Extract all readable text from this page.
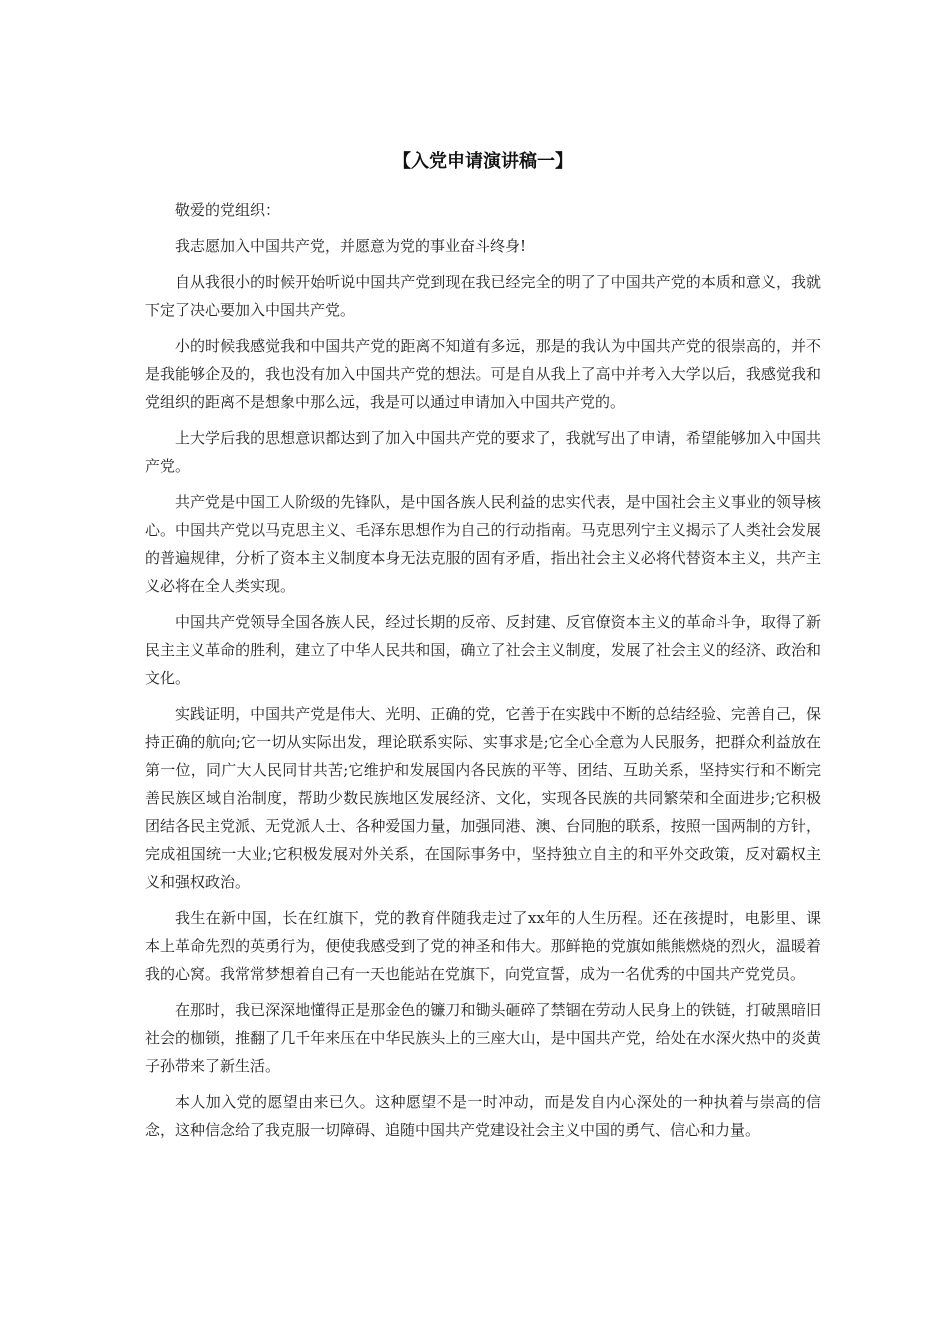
【入党申请演讲稿一】

敬爱的党组织：

我志愿加入中国共产党，并愿意为党的事业奋斗终身!

自从我很小的时候开始听说中国共产党到现在我已经完全的明了了中国共产党的本质和意义，我就下定了决心要加入中国共产党。

小的时候我感觉我和中国共产党的距离不知道有多远，那是的我认为中国共产党的很崇高的，并不是我能够企及的，我也没有加入中国共产党的想法。可是自从我上了高中并考入大学以后，我感觉我和党组织的距离不是想象中那么远，我是可以通过申请加入中国共产党的。

上大学后我的思想意识都达到了加入中国共产党的要求了，我就写出了申请，希望能够加入中国共产党。

共产党是中国工人阶级的先锋队，是中国各族人民利益的忠实代表，是中国社会主义事业的领导核心。中国共产党以马克思主义、毛泽东思想作为自己的行动指南。马克思列宁主义揭示了人类社会发展的普遍规律，分析了资本主义制度本身无法克服的固有矛盾，指出社会主义必将代替资本主义，共产主义必将在全人类实现。

中国共产党领导全国各族人民，经过长期的反帝、反封建、反官僚资本主义的革命斗争，取得了新民主主义革命的胜利，建立了中华人民共和国，确立了社会主义制度，发展了社会主义的经济、政治和文化。

实践证明，中国共产党是伟大、光明、正确的党，它善于在实践中不断的总结经验、完善自己，保持正确的航向;它一切从实际出发，理论联系实际、实事求是;它全心全意为人民服务，把群众利益放在第一位，同广大人民同甘共苦;它维护和发展国内各民族的平等、团结、互助关系，坚持实行和不断完善民族区域自治制度，帮助少数民族地区发展经济、文化，实现各民族的共同繁荣和全面进步;它积极团结各民主党派、无党派人士、各种爱国力量，加强同港、澳、台同胞的联系，按照一国两制的方针，完成祖国统一大业;它积极发展对外关系，在国际事务中，坚持独立自主的和平外交政策，反对霸权主义和强权政治。

我生在新中国，长在红旗下，党的教育伴随我走过了xx年的人生历程。还在孩提时，电影里、课本上革命先烈的英勇行为，便使我感受到了党的神圣和伟大。那鲜艳的党旗如熊熊燃烧的烈火，温暖着我的心窝。我常常梦想着自己有一天也能站在党旗下，向党宣誓，成为一名优秀的中国共产党党员。

在那时，我已深深地懂得正是那金色的镰刀和锄头砸碎了禁锢在劳动人民身上的铁链，打破黑暗旧社会的枷锁，推翻了几千年来压在中华民族头上的三座大山，是中国共产党，给处在水深火热中的炎黄子孙带来了新生活。

本人加入党的愿望由来已久。这种愿望不是一时冲动，而是发自内心深处的一种执着与崇高的信念，这种信念给了我克服一切障碍、追随中国共产党建设社会主义中国的勇气、信心和力量。
